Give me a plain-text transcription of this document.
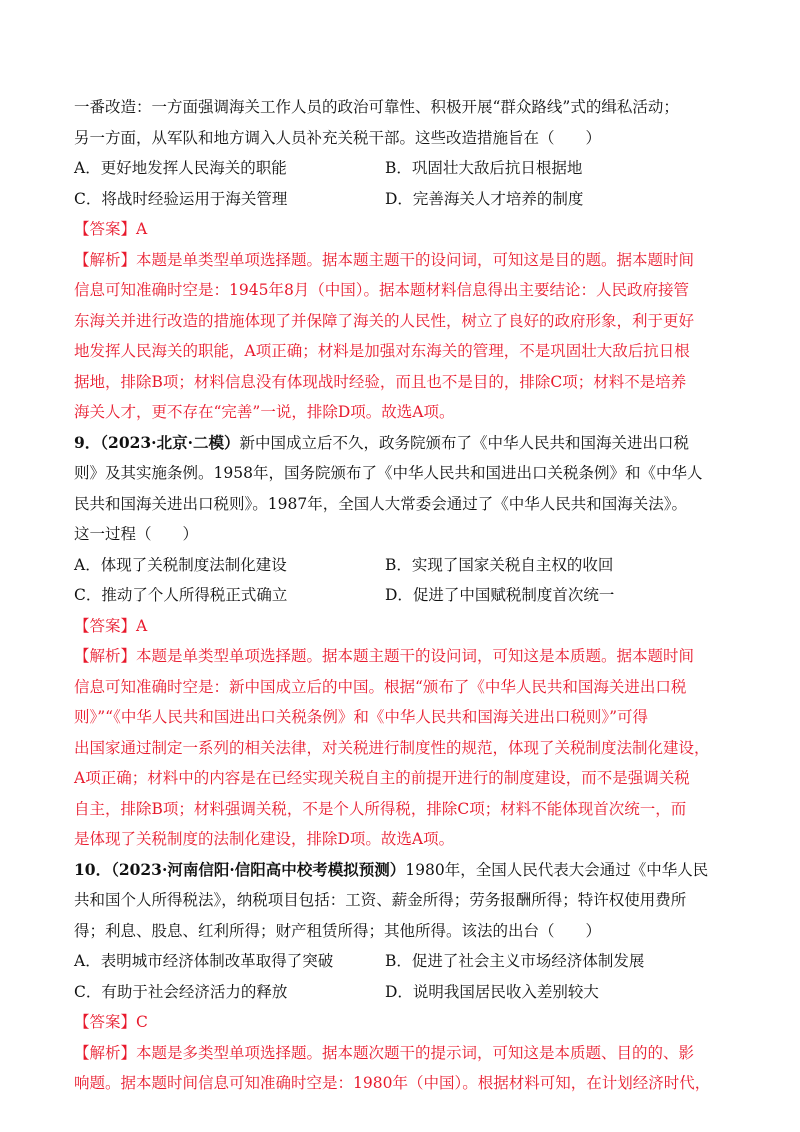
一番改造：一方面强调海关工作人员的政治可靠性、积极开展“群众路线”式的缉私活动；
另一方面，从军队和地方调入人员补充关税干部。这些改造措施旨在（　　）
A．更好地发挥人民海关的职能	B．巩固壮大敌后抗日根据地
C．将战时经验运用于海关管理	D．完善海关人才培养的制度
【答案】A
【解析】本题是单类型单项选择题。据本题主题干的设问词，可知这是目的题。据本题时间
信息可知准确时空是：1945年8月（中国）。据本题材料信息得出主要结论：人民政府接管
东海关并进行改造的措施体现了并保障了海关的人民性，树立了良好的政府形象，利于更好
地发挥人民海关的职能，A项正确；材料是加强对东海关的管理，不是巩固壮大敌后抗日根
据地，排除B项；材料信息没有体现战时经验，而且也不是目的，排除C项；材料不是培养
海关人才，更不存在“完善”一说，排除D项。故选A项。
9．（2023·北京·二模）新中国成立后不久，政务院颁布了《中华人民共和国海关进出口税
则》及其实施条例。1958年，国务院颁布了《中华人民共和国进出口关税条例》和《中华人
民共和国海关进出口税则》。1987年，全国人大常委会通过了《中华人民共和国海关法》。
这一过程（　　）
A．体现了关税制度法制化建设	B．实现了国家关税自主权的收回
C．推动了个人所得税正式确立	D．促进了中国赋税制度首次统一
【答案】A
【解析】本题是单类型单项选择题。据本题主题干的设问词，可知这是本质题。据本题时间
信息可知准确时空是：新中国成立后的中国。根据“颁布了《中华人民共和国海关进出口税
则》”“《中华人民共和国进出口关税条例》和《中华人民共和国海关进出口税则》”可得
出国家通过制定一系列的相关法律，对关税进行制度性的规范，体现了关税制度法制化建设，
A项正确；材料中的内容是在已经实现关税自主的前提开进行的制度建设，而不是强调关税
自主，排除B项；材料强调关税，不是个人所得税，排除C项；材料不能体现首次统一，而
是体现了关税制度的法制化建设，排除D项。故选A项。
10．（2023·河南信阳·信阳高中校考模拟预测）1980年，全国人民代表大会通过《中华人民
共和国个人所得税法》，纳税项目包括：工资、薪金所得；劳务报酬所得；特许权使用费所
得；利息、股息、红利所得；财产租赁所得；其他所得。该法的出台（　　）
A．表明城市经济体制改革取得了突破	B．促进了社会主义市场经济体制发展
C．有助于社会经济活力的释放	D．说明我国居民收入差别较大
【答案】C
【解析】本题是多类型单项选择题。据本题次题干的提示词，可知这是本质题、目的的、影
响题。据本题时间信息可知准确时空是：1980年（中国）。根据材料可知，在计划经济时代，
